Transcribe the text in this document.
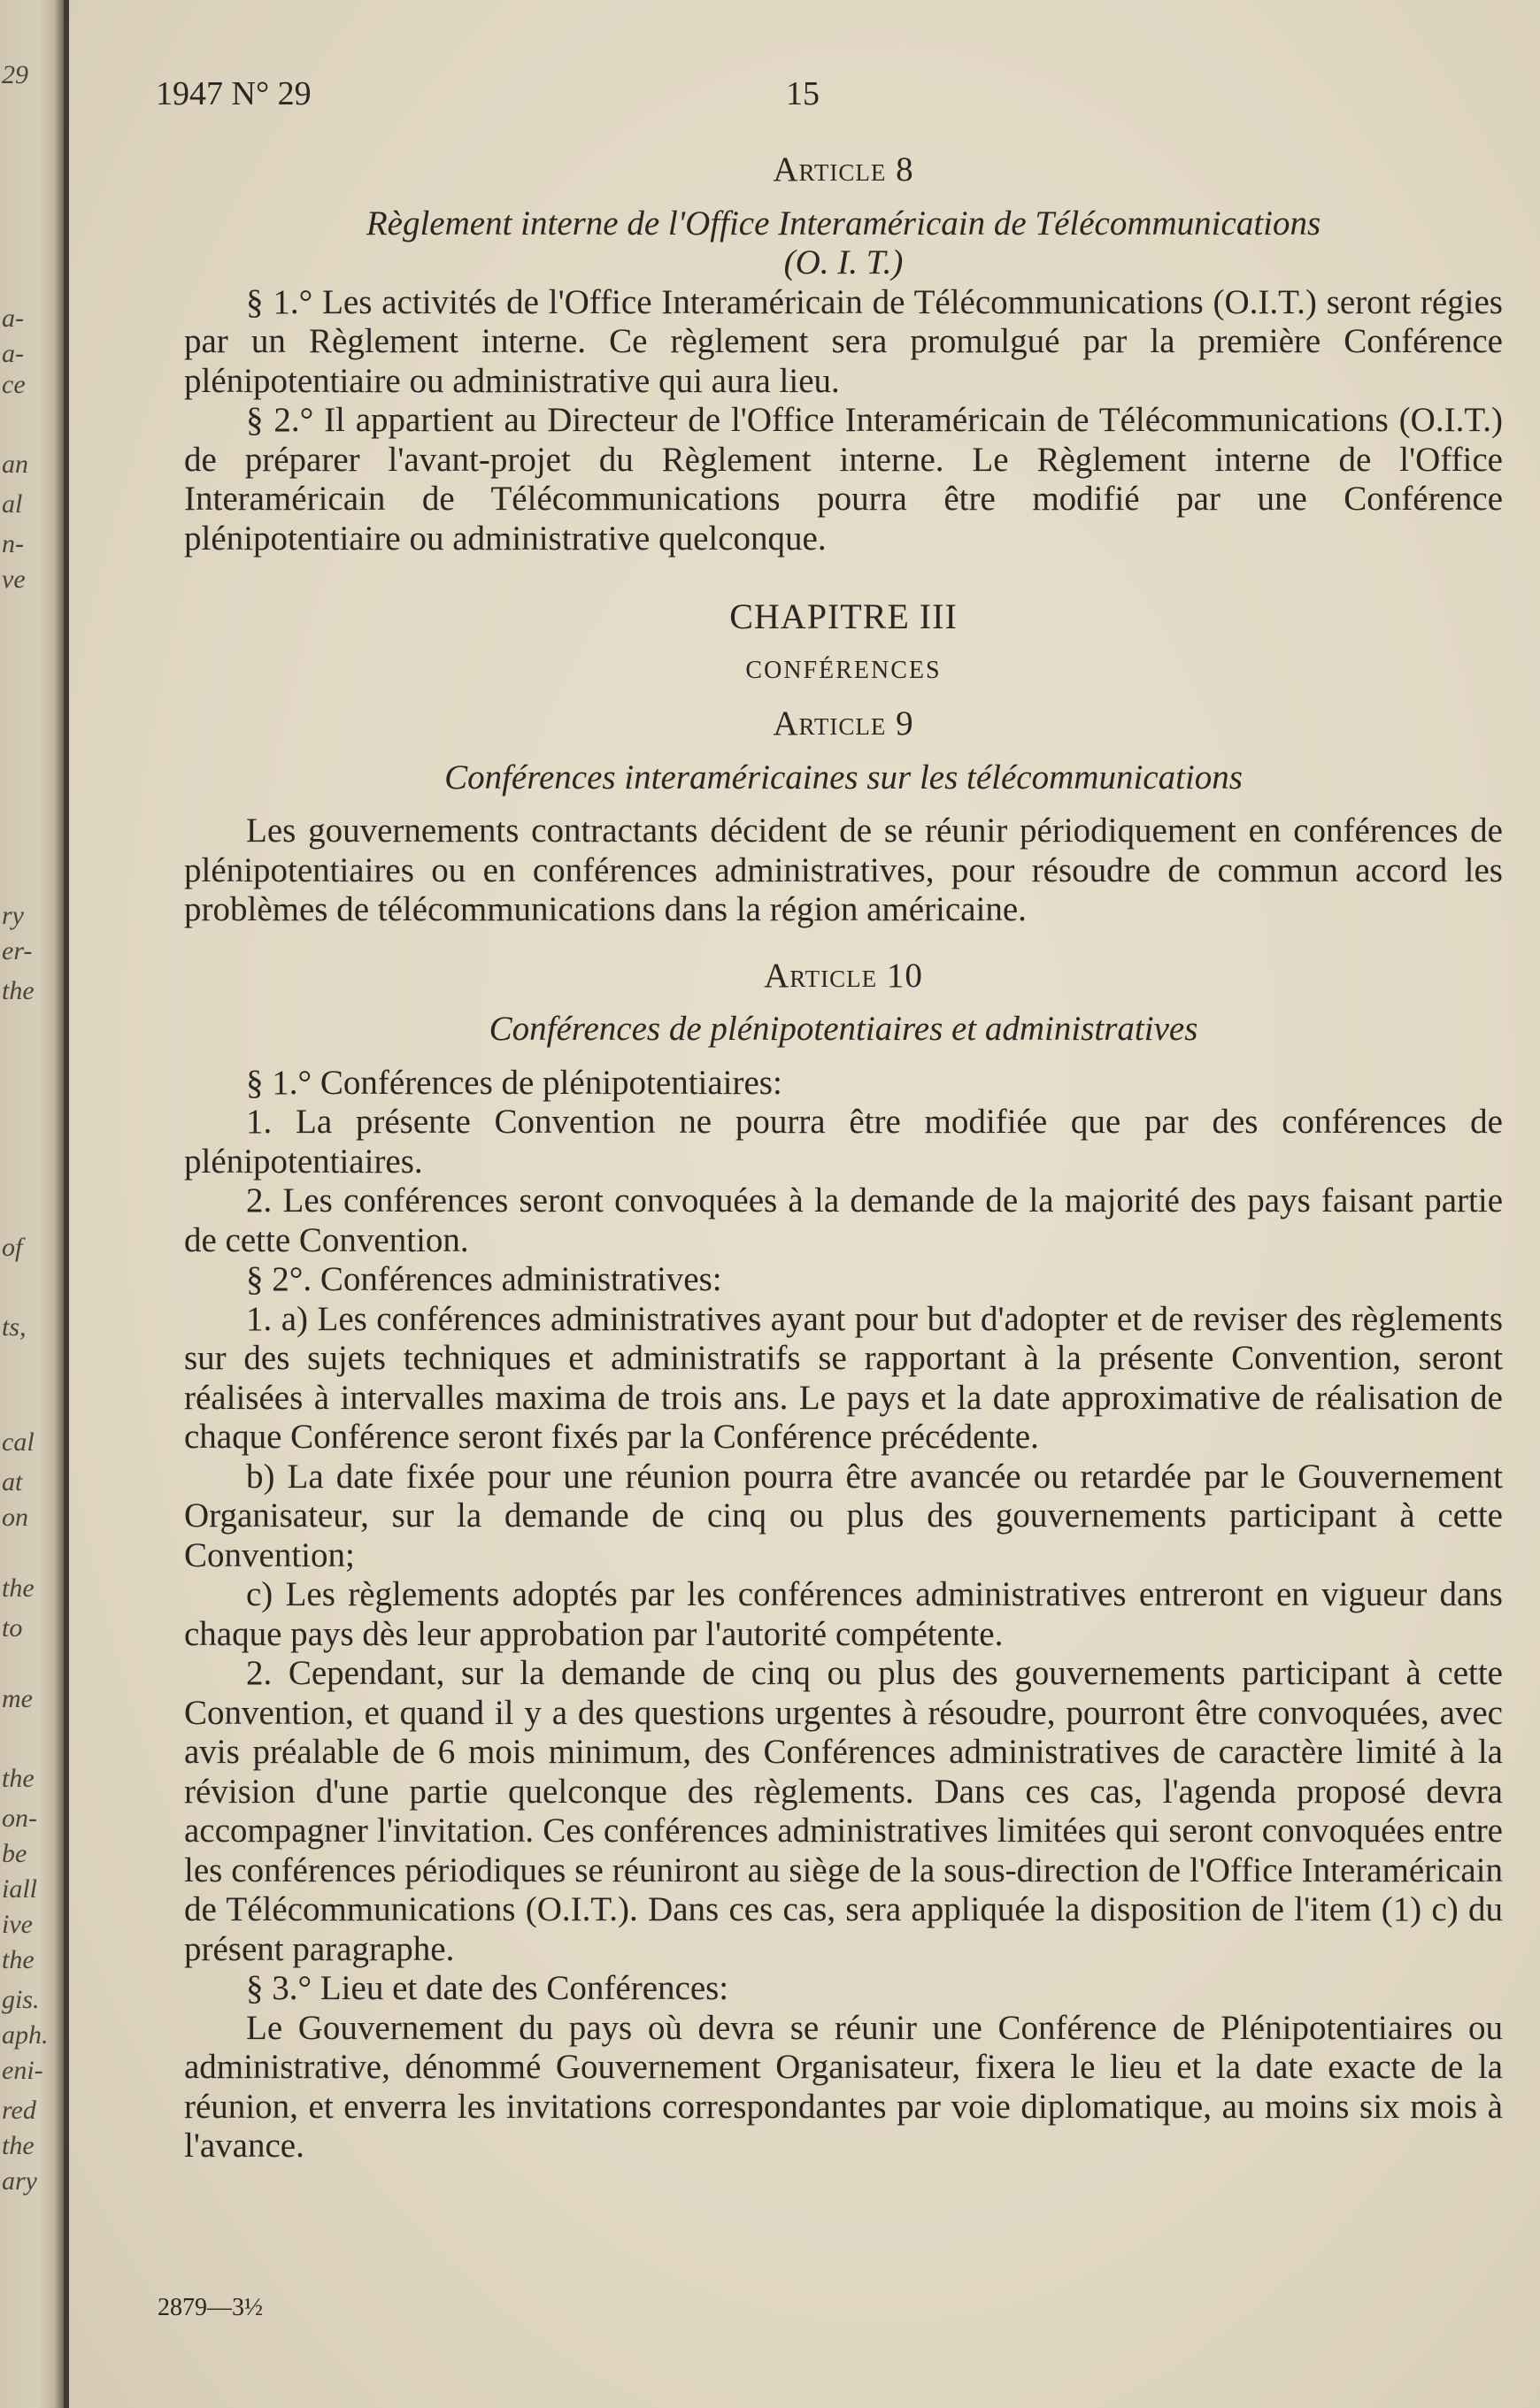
29
a-
a-
ce
an
al
n-
ve
ry
er-
the
of
ts,
cal
at
on
the
to
me
the
on-
be
iall
ive
the
gis.
aph.
eni-
red
the
ary
1947 N° 29	15

Article 8

Règlement interne de l'Office Interaméricain de Télécommunications

(O. I. T.)

§ 1.° Les activités de l'Office Interaméricain de Télécommunications (O.I.T.) seront régies par un Règlement interne. Ce règlement sera promulgué par la première Conférence plénipotentiaire ou administrative qui aura lieu.

§ 2.° Il appartient au Directeur de l'Office Interaméricain de Télécommunications (O.I.T.) de préparer l'avant-projet du Règlement interne. Le Règlement interne de l'Office Interaméricain de Télécommunications pourra être modifié par une Conférence plénipotentiaire ou administrative quelconque.

CHAPITRE III

CONFÉRENCES

Article 9

Conférences interaméricaines sur les télécommunications

Les gouvernements contractants décident de se réunir périodiquement en conférences de plénipotentiaires ou en conférences administratives, pour résoudre de commun accord les problèmes de télécommunications dans la région américaine.

Article 10

Conférences de plénipotentiaires et administratives

§ 1.° Conférences de plénipotentiaires:

1. La présente Convention ne pourra être modifiée que par des conférences de plénipotentiaires.

2. Les conférences seront convoquées à la demande de la majorité des pays faisant partie de cette Convention.

§ 2°. Conférences administratives:

1. a) Les conférences administratives ayant pour but d'adopter et de reviser des règlements sur des sujets techniques et administratifs se rapportant à la présente Convention, seront réalisées à intervalles maxima de trois ans. Le pays et la date approximative de réalisation de chaque Conférence seront fixés par la Conférence précédente.

b) La date fixée pour une réunion pourra être avancée ou retardée par le Gouvernement Organisateur, sur la demande de cinq ou plus des gouvernements participant à cette Convention;

c) Les règlements adoptés par les conférences administratives entreront en vigueur dans chaque pays dès leur approbation par l'autorité compétente.

2. Cependant, sur la demande de cinq ou plus des gouvernements participant à cette Convention, et quand il y a des questions urgentes à résoudre, pourront être convoquées, avec avis préalable de 6 mois minimum, des Conférences administratives de caractère limité à la révision d'une partie quelconque des règlements. Dans ces cas, l'agenda proposé devra accompagner l'invitation. Ces conférences administratives limitées qui seront convoquées entre les conférences périodiques se réuniront au siège de la sous-direction de l'Office Interaméricain de Télécommunications (O.I.T.). Dans ces cas, sera appliquée la disposition de l'item (1) c) du présent paragraphe.

§ 3.° Lieu et date des Conférences:

Le Gouvernement du pays où devra se réunir une Conférence de Plénipotentiaires ou administrative, dénommé Gouvernement Organisateur, fixera le lieu et la date exacte de la réunion, et enverra les invitations correspondantes par voie diplomatique, au moins six mois à l'avance.

2879—3½
